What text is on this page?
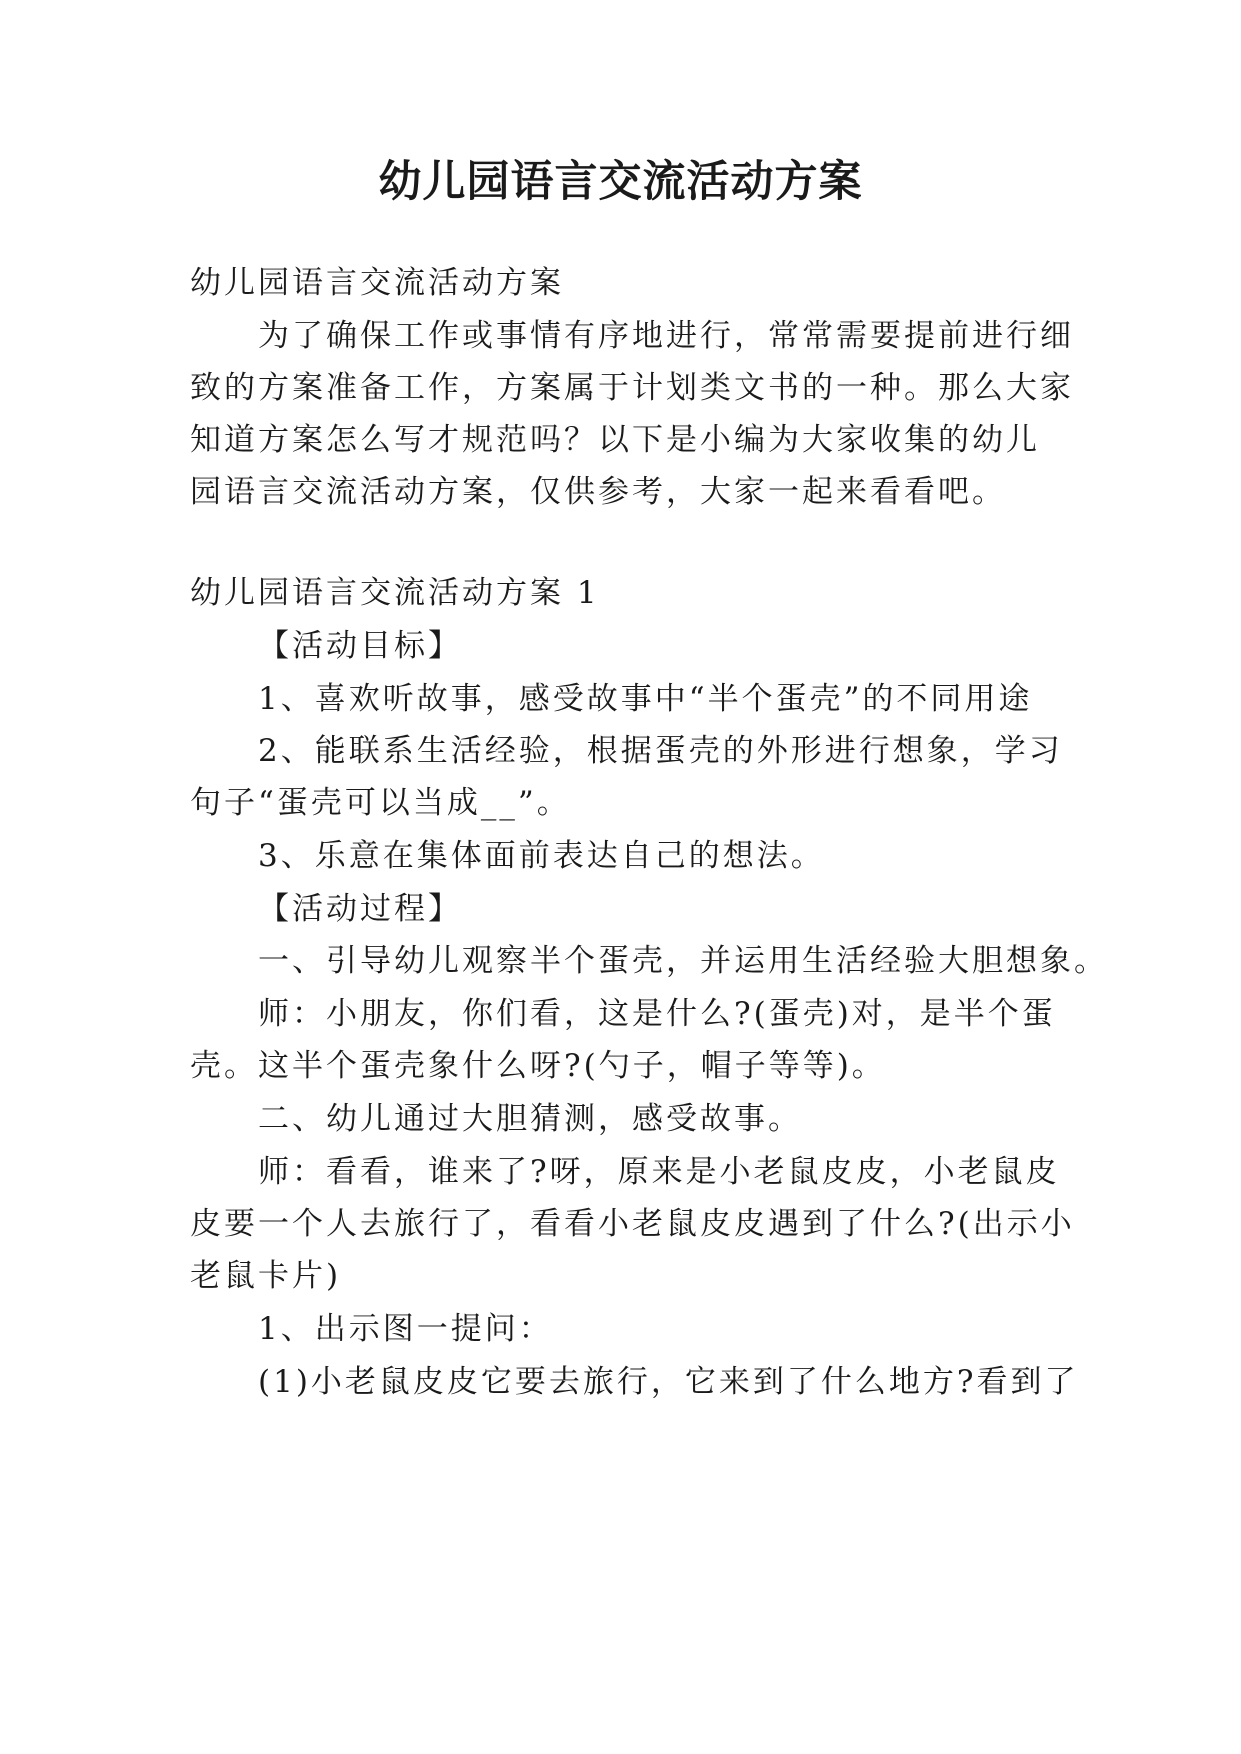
幼儿园语言交流活动方案
幼儿园语言交流活动方案
为了确保工作或事情有序地进行，常常需要提前进行细
致的方案准备工作，方案属于计划类文书的一种。那么大家
知道方案怎么写才规范吗？以下是小编为大家收集的幼儿
园语言交流活动方案，仅供参考，大家一起来看看吧。
幼儿园语言交流活动方案 1
【活动目标】
1、喜欢听故事，感受故事中“半个蛋壳”的不同用途
2、能联系生活经验，根据蛋壳的外形进行想象，学习
句子“蛋壳可以当成__”。
3、乐意在集体面前表达自己的想法。
【活动过程】
一、引导幼儿观察半个蛋壳，并运用生活经验大胆想象。
师：小朋友，你们看，这是什么?(蛋壳)对，是半个蛋
壳。这半个蛋壳象什么呀?(勺子，帽子等等)。
二、幼儿通过大胆猜测，感受故事。
师：看看，谁来了?呀，原来是小老鼠皮皮，小老鼠皮
皮要一个人去旅行了，看看小老鼠皮皮遇到了什么?(出示小
老鼠卡片)
1、出示图一提问：
(1)小老鼠皮皮它要去旅行，它来到了什么地方?看到了
